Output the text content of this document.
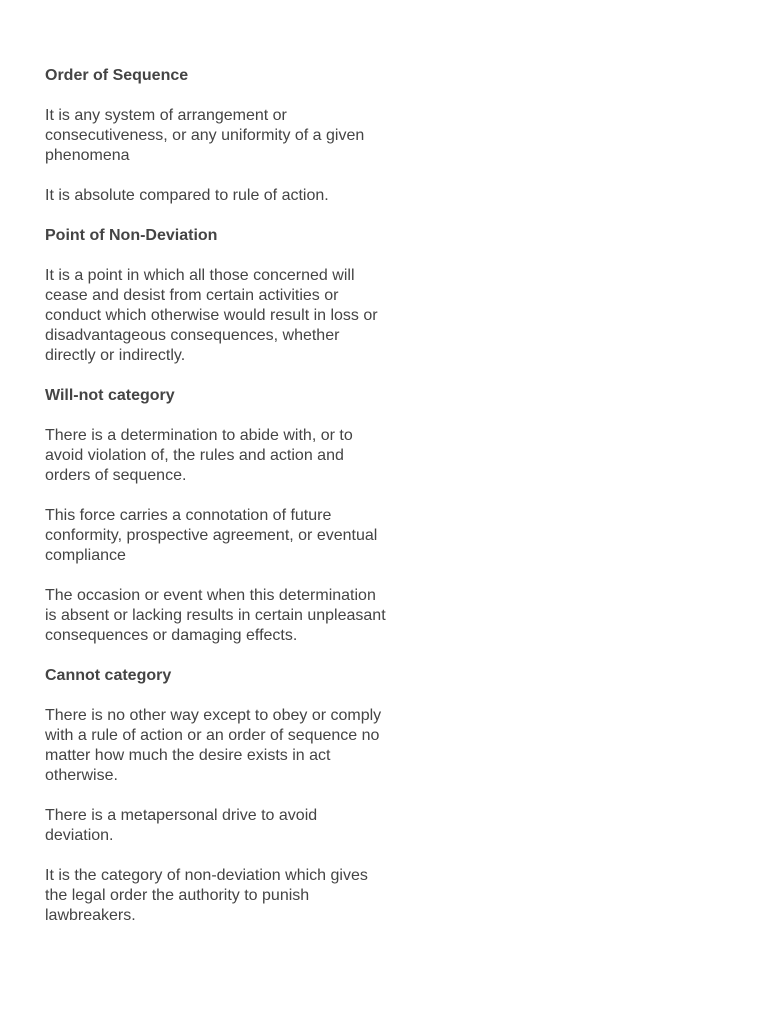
Order of Sequence
It is any system of arrangement or
consecutiveness, or any uniformity of a given
phenomena
It is absolute compared to rule of action.
Point of Non-Deviation
It is a point in which all those concerned will
cease and desist from certain activities or
conduct which otherwise would result in loss or
disadvantageous consequences, whether
directly or indirectly.
Will-not category
There is a determination to abide with, or to
avoid violation of, the rules and action and
orders of sequence.
This force carries a connotation of future
conformity, prospective agreement, or eventual
compliance
The occasion or event when this determination
is absent or lacking results in certain unpleasant
consequences or damaging effects.
Cannot category
There is no other way except to obey or comply
with a rule of action or an order of sequence no
matter how much the desire exists in act
otherwise.
There is a metapersonal drive to avoid
deviation.
It is the category of non-deviation which gives
the legal order the authority to punish
lawbreakers.
